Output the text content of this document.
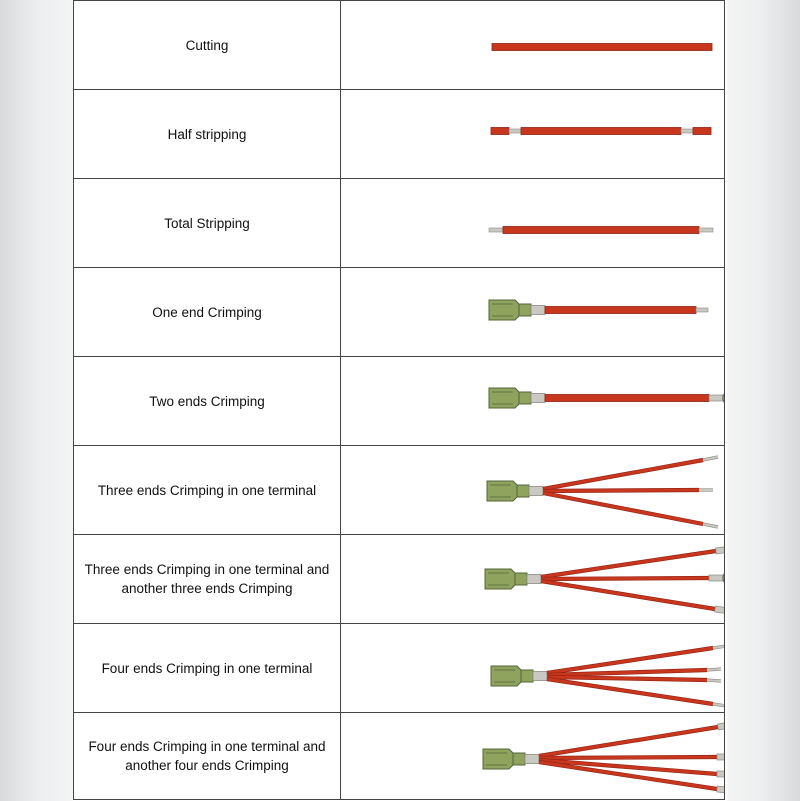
Cutting
Half stripping
Total Stripping
One end Crimping
Two ends Crimping
Three ends Crimping in one terminal
Three ends Crimping in one terminal and another three ends Crimping
Four ends Crimping in one terminal
Four ends Crimping in one terminal and another four ends Crimping
